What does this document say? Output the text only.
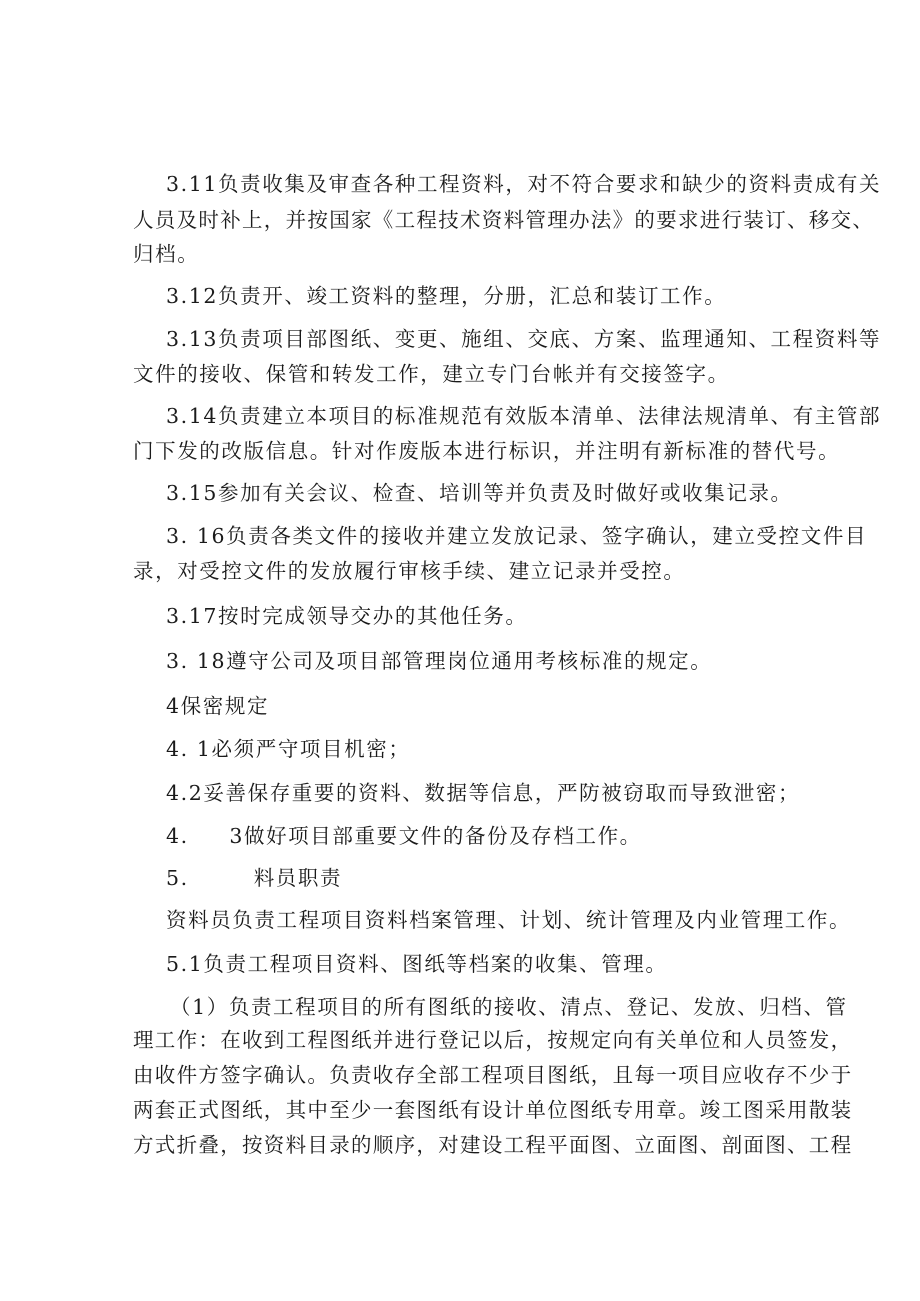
3.11负责收集及审查各种工程资料，对不符合要求和缺少的资料责成有关
人员及时补上，并按国家《工程技术资料管理办法》的要求进行装订、移交、
归档。
3.12负责开、竣工资料的整理，分册，汇总和装订工作。
3.13负责项目部图纸、变更、施组、交底、方案、监理通知、工程资料等
文件的接收、保管和转发工作，建立专门台帐并有交接签字。
3.14负责建立本项目的标准规范有效版本清单、法律法规清单、有主管部
门下发的改版信息。针对作废版本进行标识，并注明有新标准的替代号。
3.15参加有关会议、检查、培训等并负责及时做好或收集记录。
3. 16负责各类文件的接收并建立发放记录、签字确认，建立受控文件目
录，对受控文件的发放履行审核手续、建立记录并受控。
3.17按时完成领导交办的其他任务。
3. 18遵守公司及项目部管理岗位通用考核标准的规定。
4保密规定
4. 1必须严守项目机密；
4.2妥善保存重要的资料、数据等信息，严防被窃取而导致泄密；
4.     3做好项目部重要文件的备份及存档工作。
5.        料员职责
资料员负责工程项目资料档案管理、计划、统计管理及内业管理工作。
5.1负责工程项目资料、图纸等档案的收集、管理。
（1）负责工程项目的所有图纸的接收、清点、登记、发放、归档、管
理工作：在收到工程图纸并进行登记以后，按规定向有关单位和人员签发，
由收件方签字确认。负责收存全部工程项目图纸，且每一项目应收存不少于
两套正式图纸，其中至少一套图纸有设计单位图纸专用章。竣工图采用散装
方式折叠，按资料目录的顺序，对建设工程平面图、立面图、剖面图、工程
